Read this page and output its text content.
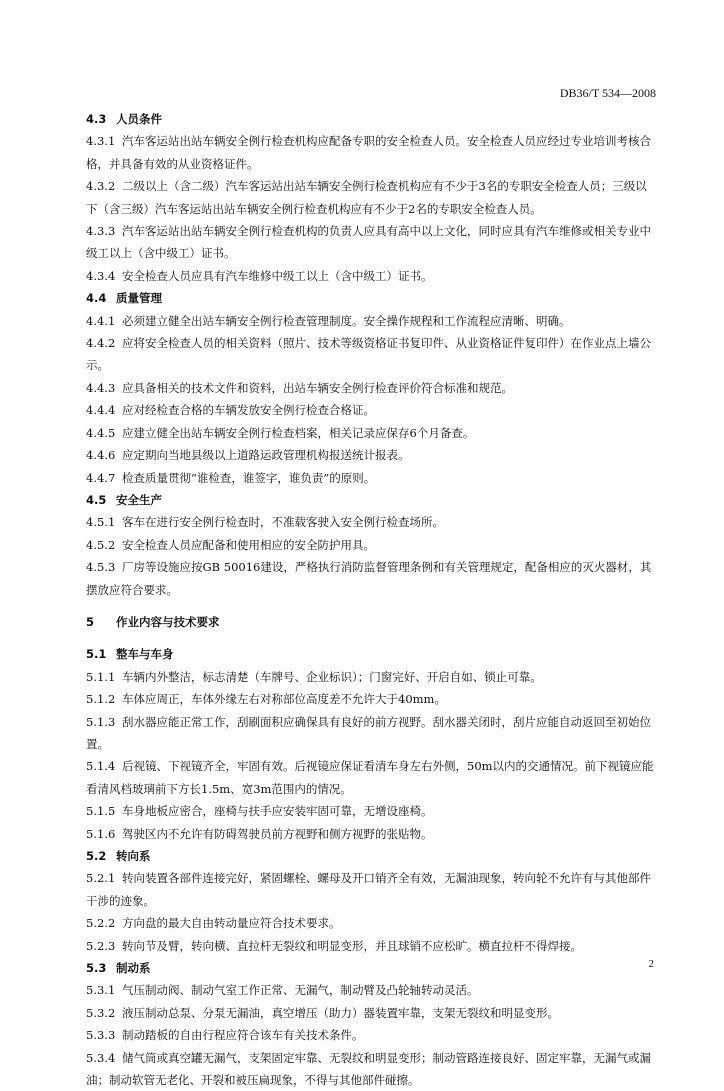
DB36/T 534—2008

4.3 人员条件

4.3.1 汽车客运站出站车辆安全例行检查机构应配备专职的安全检查人员。安全检查人员应经过专业培训考核合格，并具备有效的从业资格证件。

4.3.2 二级以上（含二级）汽车客运站出站车辆安全例行检查机构应有不少于3名的专职安全检查人员；三级以下（含三级）汽车客运站出站车辆安全例行检查机构应有不少于2名的专职安全检查人员。

4.3.3 汽车客运站出站车辆安全例行检查机构的负责人应具有高中以上文化，同时应具有汽车维修或相关专业中级工以上（含中级工）证书。

4.3.4 安全检查人员应具有汽车维修中级工以上（含中级工）证书。

4.4 质量管理

4.4.1 必须建立健全出站车辆安全例行检查管理制度。安全操作规程和工作流程应清晰、明确。

4.4.2 应将安全检查人员的相关资料（照片、技术等级资格证书复印件、从业资格证件复印件）在作业点上墙公示。

4.4.3 应具备相关的技术文件和资料，出站车辆安全例行检查评价符合标准和规范。

4.4.4 应对经检查合格的车辆发放安全例行检查合格证。

4.4.5 应建立健全出站车辆安全例行检查档案，相关记录应保存6个月备查。

4.4.6 应定期向当地县级以上道路运政管理机构报送统计报表。

4.4.7 检查质量贯彻“谁检查，谁签字，谁负责”的原则。

4.5 安全生产

4.5.1 客车在进行安全例行检查时，不准载客驶入安全例行检查场所。

4.5.2 安全检查人员应配备和使用相应的安全防护用具。

4.5.3 厂房等设施应按GB 50016建设，严格执行消防监督管理条例和有关管理规定，配备相应的灭火器材，其摆放应符合要求。

5 作业内容与技术要求

5.1 整车与车身

5.1.1 车辆内外整洁，标志清楚（车牌号、企业标识）；门窗完好、开启自如、锁止可靠。

5.1.2 车体应周正，车体外缘左右对称部位高度差不允许大于40mm。

5.1.3 刮水器应能正常工作，刮刷面积应确保具有良好的前方视野。刮水器关闭时，刮片应能自动返回至初始位置。

5.1.4 后视镜、下视镜齐全，牢固有效。后视镜应保证看清车身左右外侧，50m以内的交通情况。前下视镜应能看清风档玻璃前下方长1.5m、宽3m范围内的情况。

5.1.5 车身地板应密合，座椅与扶手应安装牢固可靠，无增设座椅。

5.1.6 驾驶区内不允许有防碍驾驶员前方视野和侧方视野的张贴物。

5.2 转向系

5.2.1 转向装置各部件连接完好，紧固螺栓、螺母及开口销齐全有效，无漏油现象，转向轮不允许有与其他部件干涉的迹象。

5.2.2 方向盘的最大自由转动量应符合技术要求。

5.2.3 转向节及臂，转向横、直拉杆无裂纹和明显变形，并且球销不应松旷。横直拉杆不得焊接。

5.3 制动系

5.3.1 气压制动阀、制动气室工作正常、无漏气，制动臂及凸轮轴转动灵活。

5.3.2 液压制动总泵、分泵无漏油，真空增压（助力）器装置牢靠，支架无裂纹和明显变形。

5.3.3 制动踏板的自由行程应符合该车有关技术条件。

5.3.4 储气筒或真空罐无漏气，支架固定牢靠、无裂纹和明显变形；制动管路连接良好、固定牢靠，无漏气或漏油；制动软管无老化、开裂和被压扁现象，不得与其他部件碰擦。

2
